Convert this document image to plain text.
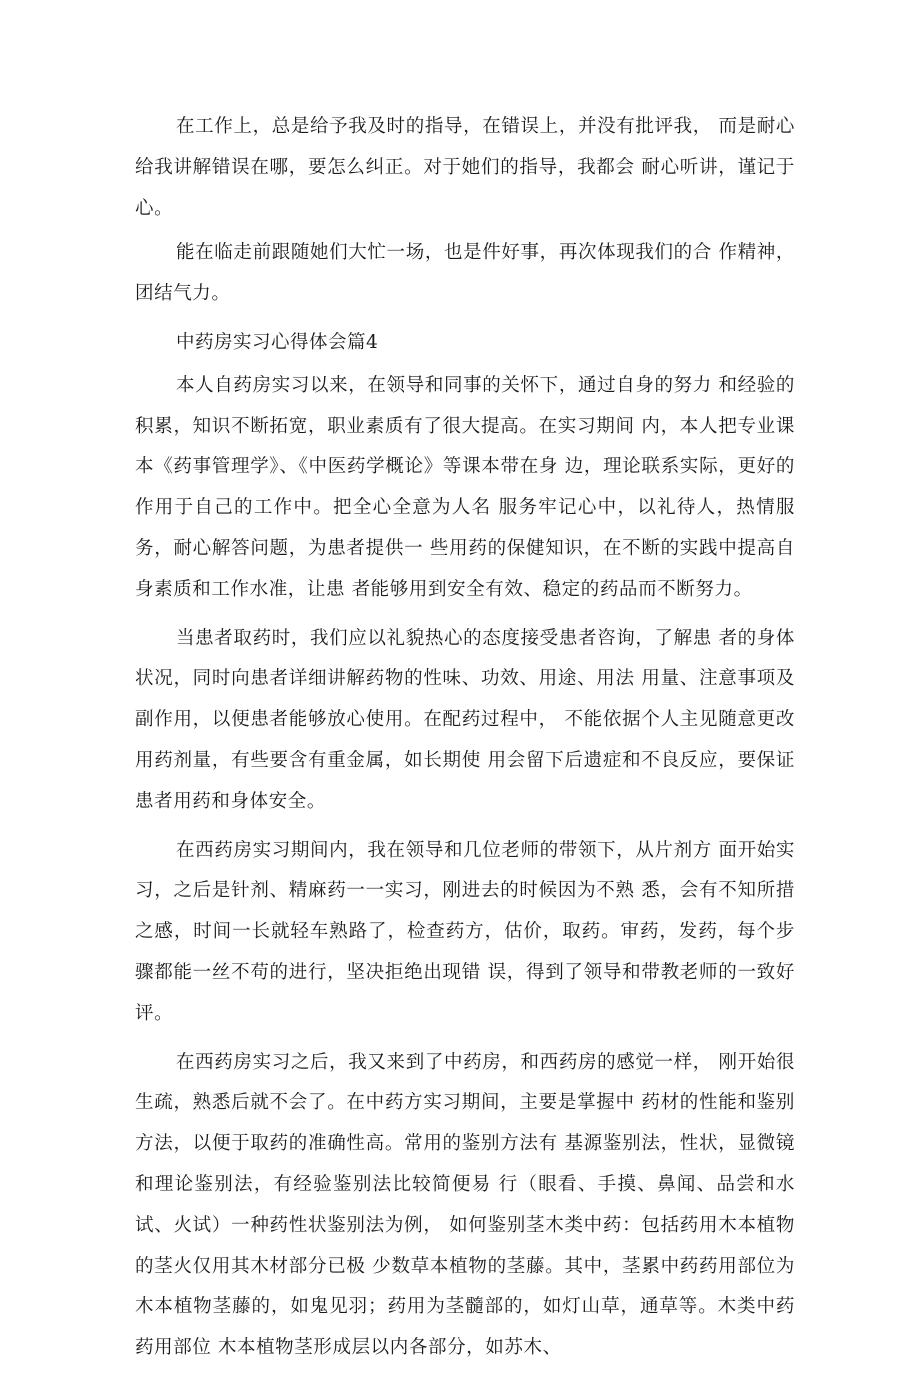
在工作上，总是给予我及时的指导，在错误上，并没有批评我， 而是耐心给我讲解错误在哪，要怎么纠正。对于她们的指导，我都会 耐心听讲，谨记于心。

能在临走前跟随她们大忙一场，也是件好事，再次体现我们的合 作精神，团结气力。

中药房实习心得体会篇4

本人自药房实习以来，在领导和同事的关怀下，通过自身的努力 和经验的积累，知识不断拓宽，职业素质有了很大提高。在实习期间 内，本人把专业课本《药事管理学》、《中医药学概论》等课本带在身 边，理论联系实际，更好的作用于自己的工作中。把全心全意为人名 服务牢记心中，以礼待人，热情服务，耐心解答问题，为患者提供一 些用药的保健知识，在不断的实践中提高自身素质和工作水准，让患 者能够用到安全有效、稳定的药品而不断努力。

当患者取药时，我们应以礼貌热心的态度接受患者咨询，了解患 者的身体状况，同时向患者详细讲解药物的性味、功效、用途、用法 用量、注意事项及副作用，以便患者能够放心使用。在配药过程中， 不能依据个人主见随意更改用药剂量，有些要含有重金属，如长期使 用会留下后遗症和不良反应，要保证患者用药和身体安全。

在西药房实习期间内，我在领导和几位老师的带领下，从片剂方 面开始实习，之后是针剂、精麻药一一实习，刚进去的时候因为不熟 悉，会有不知所措之感，时间一长就轻车熟路了，检查药方，估价，取药。审药，发药，每个步骤都能一丝不苟的进行，坚决拒绝出现错 误，得到了领导和带教老师的一致好评。

在西药房实习之后，我又来到了中药房，和西药房的感觉一样， 刚开始很生疏，熟悉后就不会了。在中药方实习期间，主要是掌握中 药材的性能和鉴别方法，以便于取药的准确性高。常用的鉴别方法有 基源鉴别法，性状，显微镜和理论鉴别法，有经验鉴别法比较简便易 行（眼看、手摸、鼻闻、品尝和水试、火试）一种药性状鉴别法为例， 如何鉴别茎木类中药：包括药用木本植物的茎火仅用其木材部分已极 少数草本植物的茎藤。其中，茎累中药药用部位为木本植物茎藤的，如鬼见羽；药用为茎髓部的，如灯山草，通草等。木类中药药用部位 木本植物茎形成层以内各部分，如苏木、
